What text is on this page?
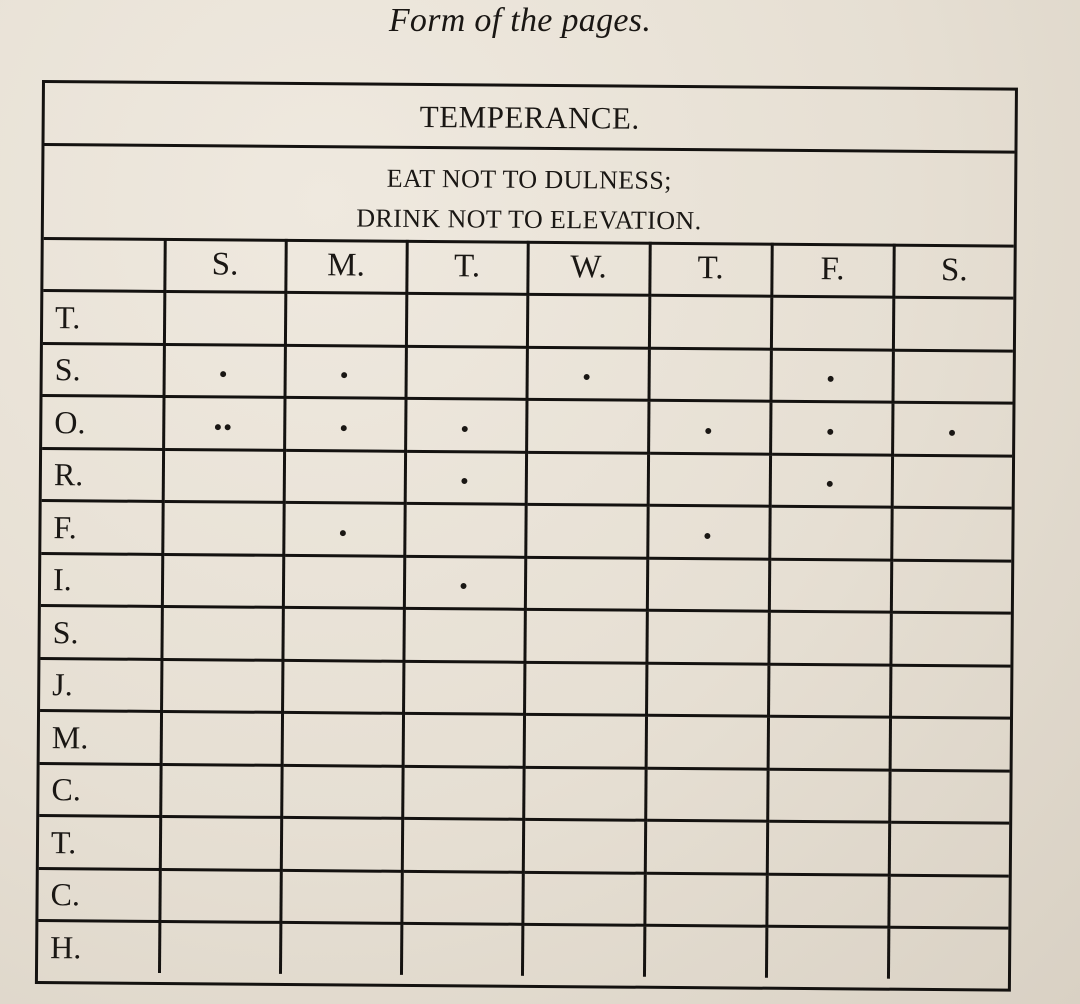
Form of the pages.
TEMPERANCE.
EAT NOT TO DULNESS;
DRINK NOT TO ELEVATION.
	S.	M.	T.	W.	T.	F.	S.
T.							
S.	•	•		•		•	
O.	••	•	•		•	•	•
R.			•			•	
F.		•			•		
I.			•				
S.							
J.							
M.							
C.							
T.							
C.							
H.							
